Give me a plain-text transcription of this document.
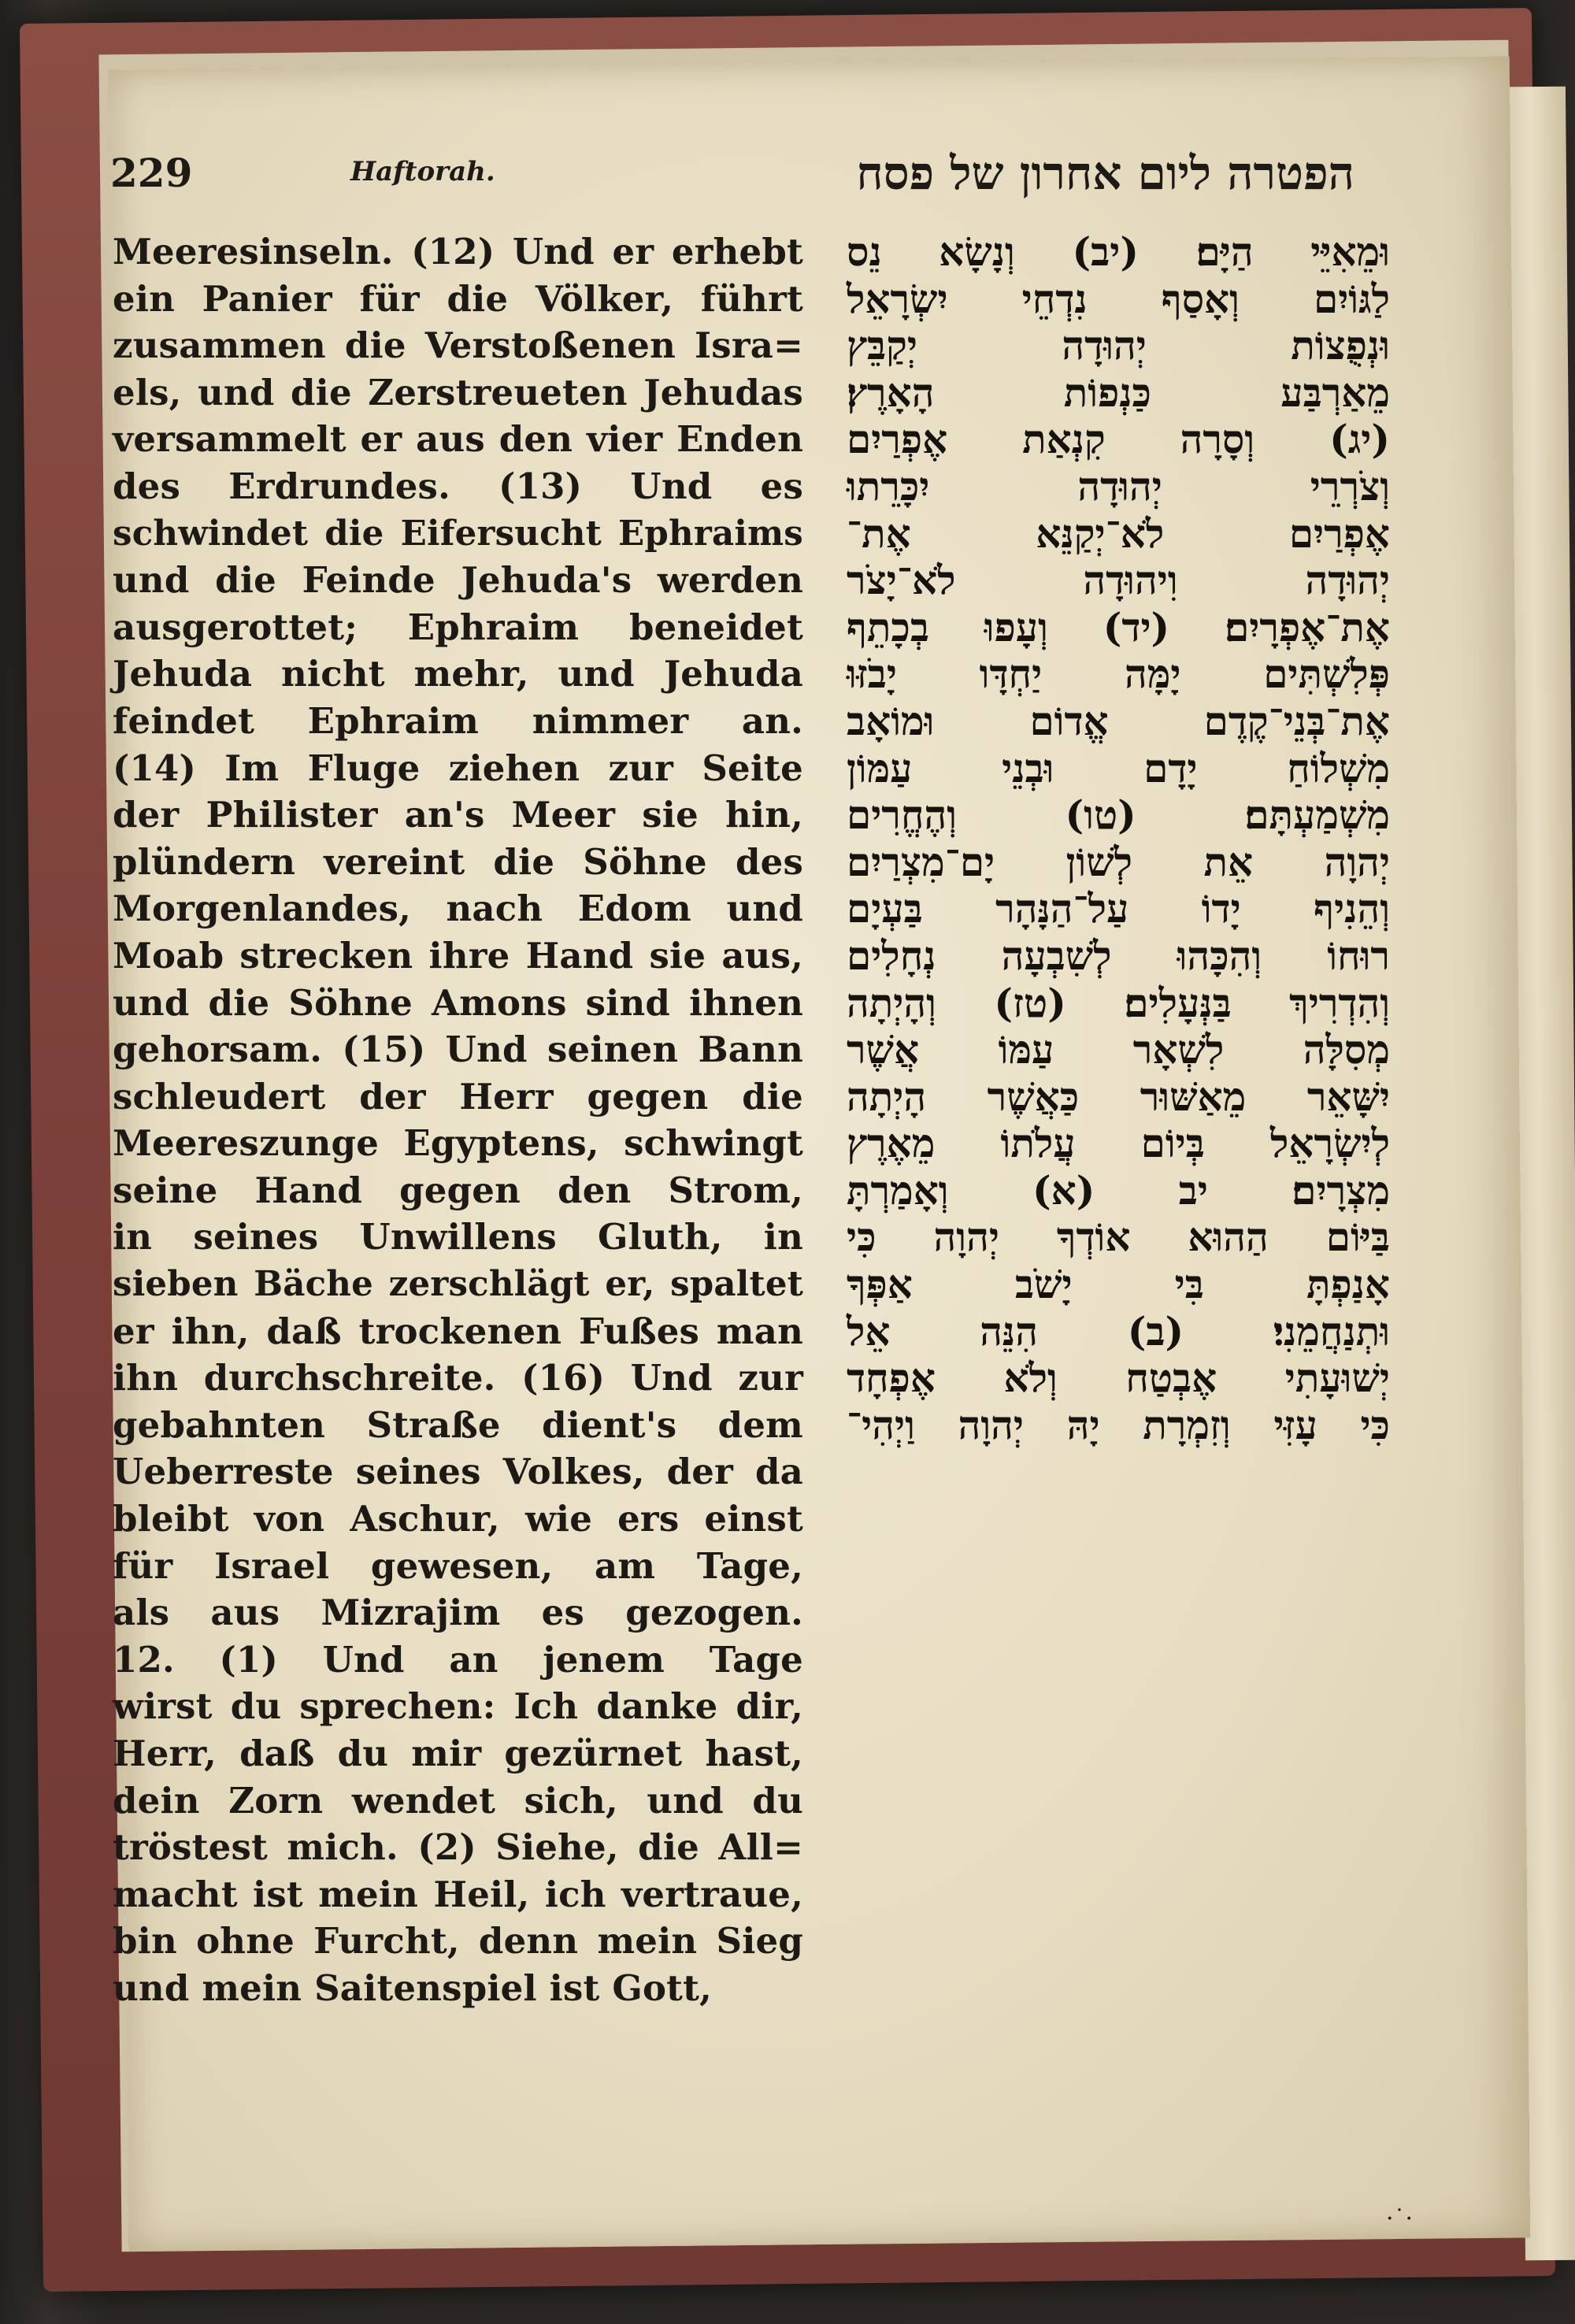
229	Haftorah.	הפטרה ליום אחרון של פסח
Meeresinseln. (12) Und er erhebt
ein Panier für die Völker, führt
zusammen die Verstoßenen Isra=
els, und die Zerstreueten Jehudas
versammelt er aus den vier Enden
des Erdrundes. (13) Und es
schwindet die Eifersucht Ephraims
und die Feinde Jehuda's werden
ausgerottet; Ephraim beneidet
Jehuda nicht mehr, und Jehuda
feindet Ephraim nimmer an.
(14) Im Fluge ziehen zur Seite
der Philister an's Meer sie hin,
plündern vereint die Söhne des
Morgenlandes, nach Edom und
Moab strecken ihre Hand sie aus,
und die Söhne Amons sind ihnen
gehorsam. (15) Und seinen Bann
schleudert der Herr gegen die
Meereszunge Egyptens, schwingt
seine Hand gegen den Strom,
in seines Unwillens Gluth, in
sieben Bäche zerschlägt er, spaltet
er ihn, daß trockenen Fußes man
ihn durchschreite. (16) Und zur
gebahnten Straße dient's dem
Ueberreste seines Volkes, der da
bleibt von Aschur, wie ers einst
für Israel gewesen, am Tage,
als aus Mizrajim es gezogen.
12. (1) Und an jenem Tage
wirst du sprechen: Ich danke dir,
Herr, daß du mir gezürnet hast,
dein Zorn wendet sich, und du
tröstest mich. (2) Siehe, die All=
macht ist mein Heil, ich vertraue,
bin ohne Furcht, denn mein Sieg
und mein Saitenspiel ist Gott,
וּמֵאִיֵּי הַיָּם׃ (יב) וְנָשָׂא נֵס
לַגּוֹיִם וְאָסַף נִדְחֵי יִשְׂרָאֵל
וּנְפֻצוֹת יְהוּדָה יְקַבֵּץ
מֵאַרְבַּע כַּנְפוֹת הָאָרֶץ׃
(יג) וְסָרָה קִנְאַת אֶפְרַיִם
וְצֹרְרֵי יְהוּדָה יִכָּרֵתוּ
אֶפְרַיִם לֹא־יְקַנֵּא אֶת־
יְהוּדָה וִיהוּדָה לֹא־יָצֹר
אֶת־אֶפְרָיִם׃ (יד) וְעָפוּ בְכָתֵף
פְּלִשְׁתִּים יָמָּה יַחְדָּו יָבֹזּוּ
אֶת־בְּנֵי־קֶדֶם אֱדוֹם וּמוֹאָב
מִשְׁלוֹחַ יָדָם וּבְנֵי עַמּוֹן
מִשְׁמַעְתָּם׃ (טו) וְהֶחֱרִים
יְהוָה אֵת לְשׁוֹן יָם־מִצְרַיִם
וְהֵנִיף יָדוֹ עַל־הַנָּהָר בַּעְיָם
רוּחוֹ וְהִכָּהוּ לְשִׁבְעָה נְחָלִים
וְהִדְרִיךְ בַּנְּעָלִים׃ (טז) וְהָיְתָה
מְסִלָּה לִשְׁאָר עַמּוֹ אֲשֶׁר
יִשָּׁאֵר מֵאַשּׁוּר כַּאֲשֶׁר הָיְתָה
לְיִשְׂרָאֵל בְּיוֹם עֲלֹתוֹ מֵאֶרֶץ
מִצְרָיִם׃ יב (א) וְאָמַרְתָּ
בַּיּוֹם הַהוּא אוֹדְךָ יְהוָה כִּי
אָנַפְתָּ בִּי יָשֹׁב אַפְּךָ
וּתְנַחֲמֵנִי׃ (ב) הִנֵּה אֵל
יְשׁוּעָתִי אֶבְטַח וְלֹא אֶפְחָד
כִּי עָזִּי וְזִמְרָת יָהּ יְהוָה וַיְהִי־
·˙·
